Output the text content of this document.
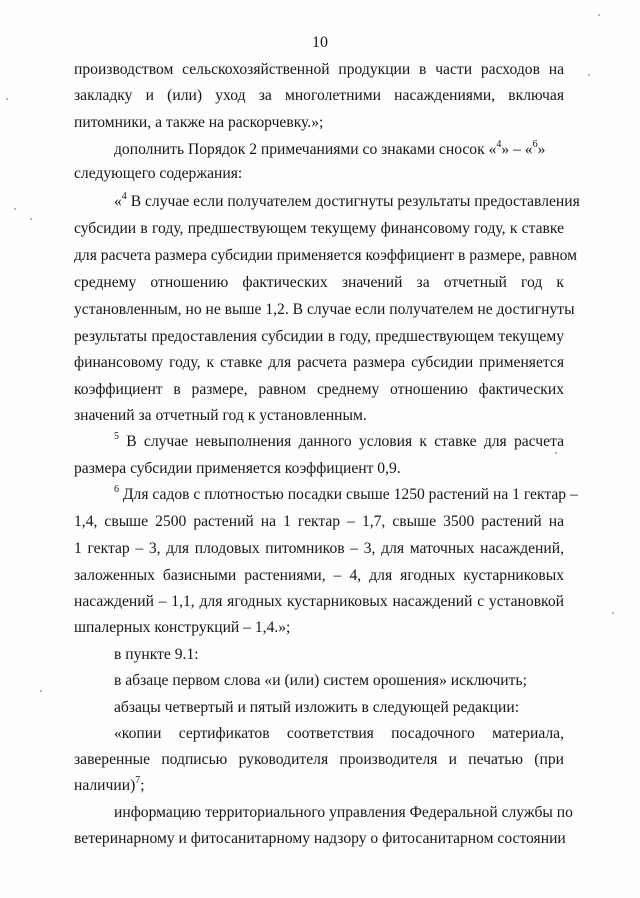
10
производством сельскохозяйственной продукции в части расходов на
закладку и (или) уход за многолетними насаждениями, включая
питомники, а также на раскорчевку.»;
дополнить Порядок 2 примечаниями со знаками сносок «$^4$» – «$^6$»
следующего содержания:
«$^4$ В случае если получателем достигнуты результаты предоставления
субсидии в году, предшествующем текущему финансовому году, к ставке
для расчета размера субсидии применяется коэффициент в размере, равном
среднему отношению фактических значений за отчетный год к
установленным, но не выше 1,2. В случае если получателем не достигнуты
результаты предоставления субсидии в году, предшествующем текущему
финансовому году, к ставке для расчета размера субсидии применяется
коэффициент в размере, равном среднему отношению фактических
значений за отчетный год к установленным.
$^5$ В случае невыполнения данного условия к ставке для расчета
размера субсидии применяется коэффициент 0,9.
$^6$ Для садов с плотностью посадки свыше 1250 растений на 1 гектар –
1,4, свыше 2500 растений на 1 гектар – 1,7, свыше 3500 растений на
1 гектар – 3, для плодовых питомников – 3, для маточных насаждений,
заложенных базисными растениями, – 4, для ягодных кустарниковых
насаждений – 1,1, для ягодных кустарниковых насаждений с установкой
шпалерных конструкций – 1,4.»;
в пункте 9.1:
в абзаце первом слова «и (или) систем орошения» исключить;
абзацы четвертый и пятый изложить в следующей редакции:
«копии сертификатов соответствия посадочного материала,
заверенные подписью руководителя производителя и печатью (при
наличии)$^7$;
информацию территориального управления Федеральной службы по
ветеринарному и фитосанитарному надзору о фитосанитарном состоянии
